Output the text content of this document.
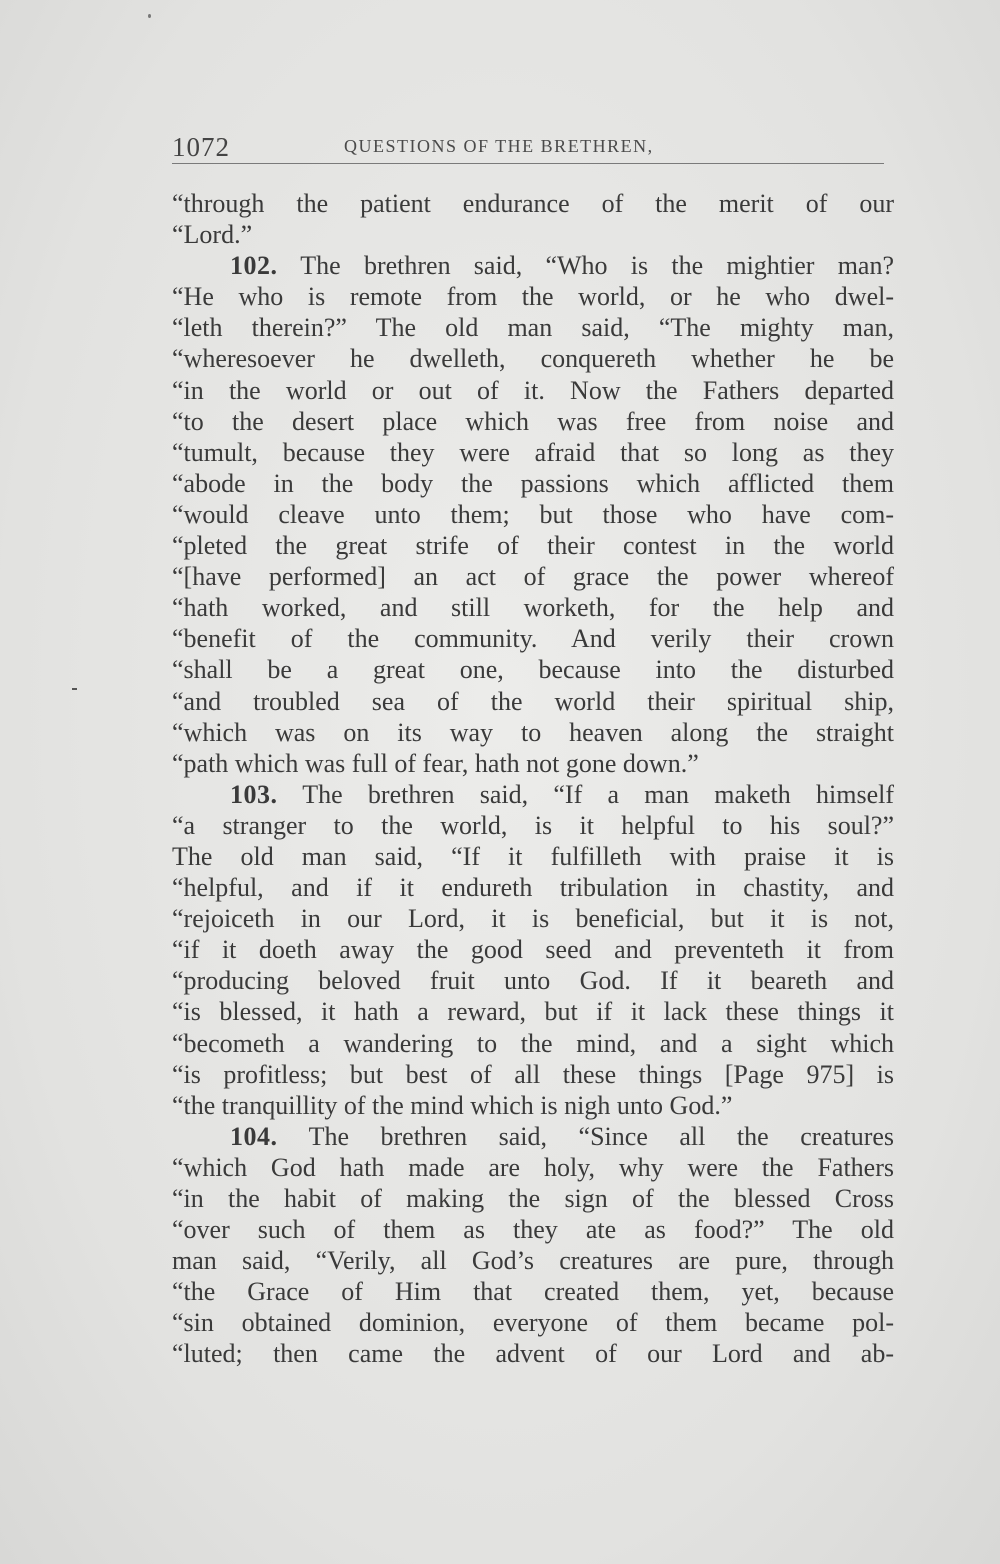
1072	QUESTIONS OF THE BRETHREN,
“through the patient endurance of the merit of our
“Lord.”
102. The brethren said, “Who is the mightier man?
“He who is remote from the world, or he who dwel-
“leth therein?” The old man said, “The mighty man,
“wheresoever he dwelleth, conquereth whether he be
“in the world or out of it. Now the Fathers departed
“to the desert place which was free from noise and
“tumult, because they were afraid that so long as they
“abode in the body the passions which afflicted them
“would cleave unto them; but those who have com-
“pleted the great strife of their contest in the world
“[have performed] an act of grace the power whereof
“hath worked, and still worketh, for the help and
“benefit of the community. And verily their crown
“shall be a great one, because into the disturbed
“and troubled sea of the world their spiritual ship,
“which was on its way to heaven along the straight
“path which was full of fear, hath not gone down.”
103. The brethren said, “If a man maketh himself
“a stranger to the world, is it helpful to his soul?”
The old man said, “If it fulfilleth with praise it is
“helpful, and if it endureth tribulation in chastity, and
“rejoiceth in our Lord, it is beneficial, but it is not,
“if it doeth away the good seed and preventeth it from
“producing beloved fruit unto God. If it beareth and
“is blessed, it hath a reward, but if it lack these things it
“becometh a wandering to the mind, and a sight which
“is profitless; but best of all these things [Page 975] is
“the tranquillity of the mind which is nigh unto God.”
104. The brethren said, “Since all the creatures
“which God hath made are holy, why were the Fathers
“in the habit of making the sign of the blessed Cross
“over such of them as they ate as food?” The old
man said, “Verily, all God’s creatures are pure, through
“the Grace of Him that created them, yet, because
“sin obtained dominion, everyone of them became pol-
“luted; then came the advent of our Lord and ab-
